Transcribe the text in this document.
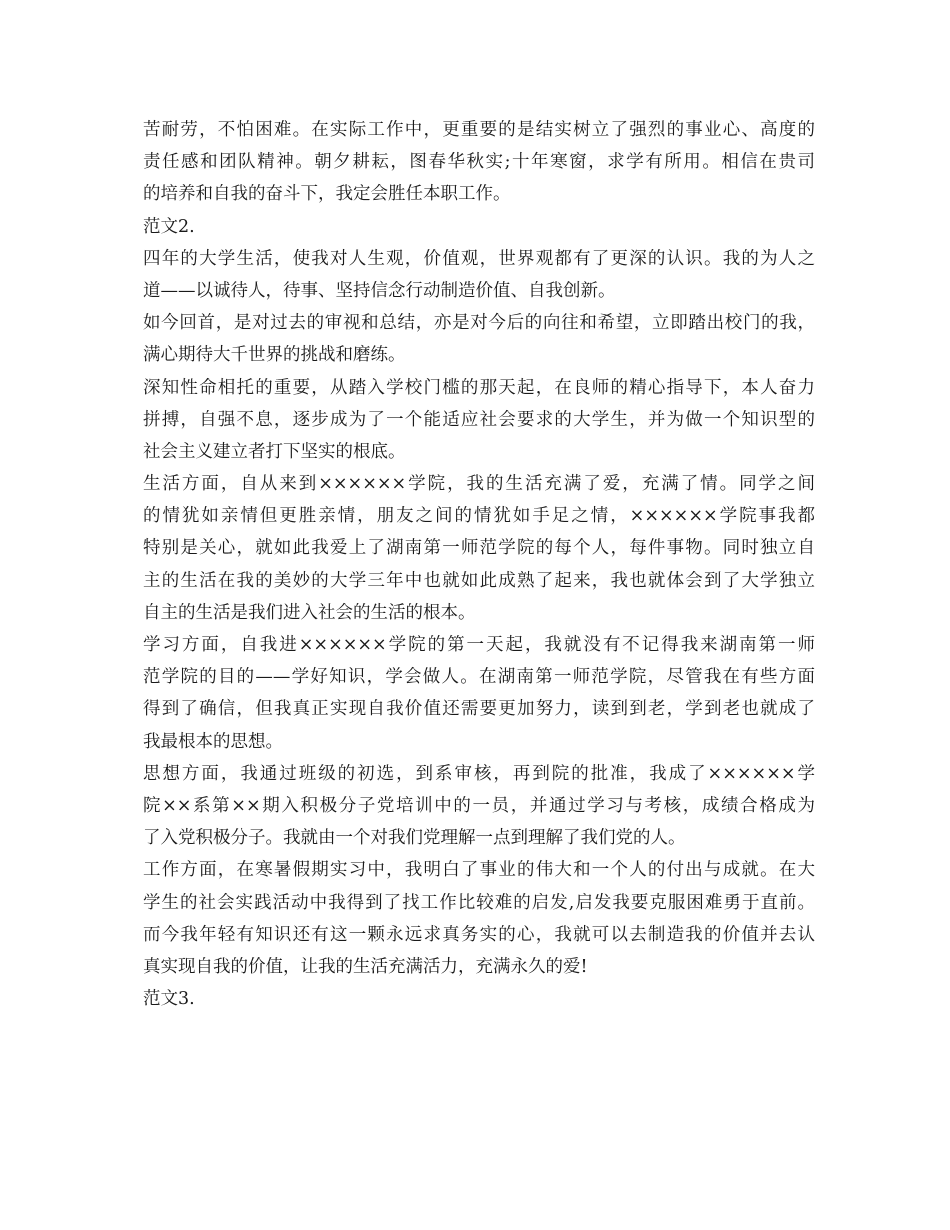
苦耐劳，不怕困难。在实际工作中，更重要的是结实树立了强烈的事业心、高度的
责任感和团队精神。朝夕耕耘，图春华秋实;十年寒窗，求学有所用。相信在贵司
的培养和自我的奋斗下，我定会胜任本职工作。
范文2.
四年的大学生活，使我对人生观，价值观，世界观都有了更深的认识。我的为人之
道——以诚待人，待事、坚持信念行动制造价值、自我创新。
如今回首，是对过去的审视和总结，亦是对今后的向往和希望，立即踏出校门的我，
满心期待大千世界的挑战和磨练。
深知性命相托的重要，从踏入学校门槛的那天起，在良师的精心指导下，本人奋力
拼搏，自强不息，逐步成为了一个能适应社会要求的大学生，并为做一个知识型的
社会主义建立者打下坚实的根底。
生活方面，自从来到××××××学院，我的生活充满了爱，充满了情。同学之间
的情犹如亲情但更胜亲情，朋友之间的情犹如手足之情，××××××学院事我都
特别是关心，就如此我爱上了湖南第一师范学院的每个人，每件事物。同时独立自
主的生活在我的美妙的大学三年中也就如此成熟了起来，我也就体会到了大学独立
自主的生活是我们进入社会的生活的根本。
学习方面，自我进××××××学院的第一天起，我就没有不记得我来湖南第一师
范学院的目的——学好知识，学会做人。在湖南第一师范学院，尽管我在有些方面
得到了确信，但我真正实现自我价值还需要更加努力，读到到老，学到老也就成了
我最根本的思想。
思想方面，我通过班级的初选，到系审核，再到院的批准，我成了××××××学
院××系第××期入积极分子党培训中的一员，并通过学习与考核，成绩合格成为
了入党积极分子。我就由一个对我们党理解一点到理解了我们党的人。
工作方面，在寒暑假期实习中，我明白了事业的伟大和一个人的付出与成就。在大
学生的社会实践活动中我得到了找工作比较难的启发,启发我要克服困难勇于直前。
而今我年轻有知识还有这一颗永远求真务实的心，我就可以去制造我的价值并去认
真实现自我的价值，让我的生活充满活力，充满永久的爱!
范文3.
